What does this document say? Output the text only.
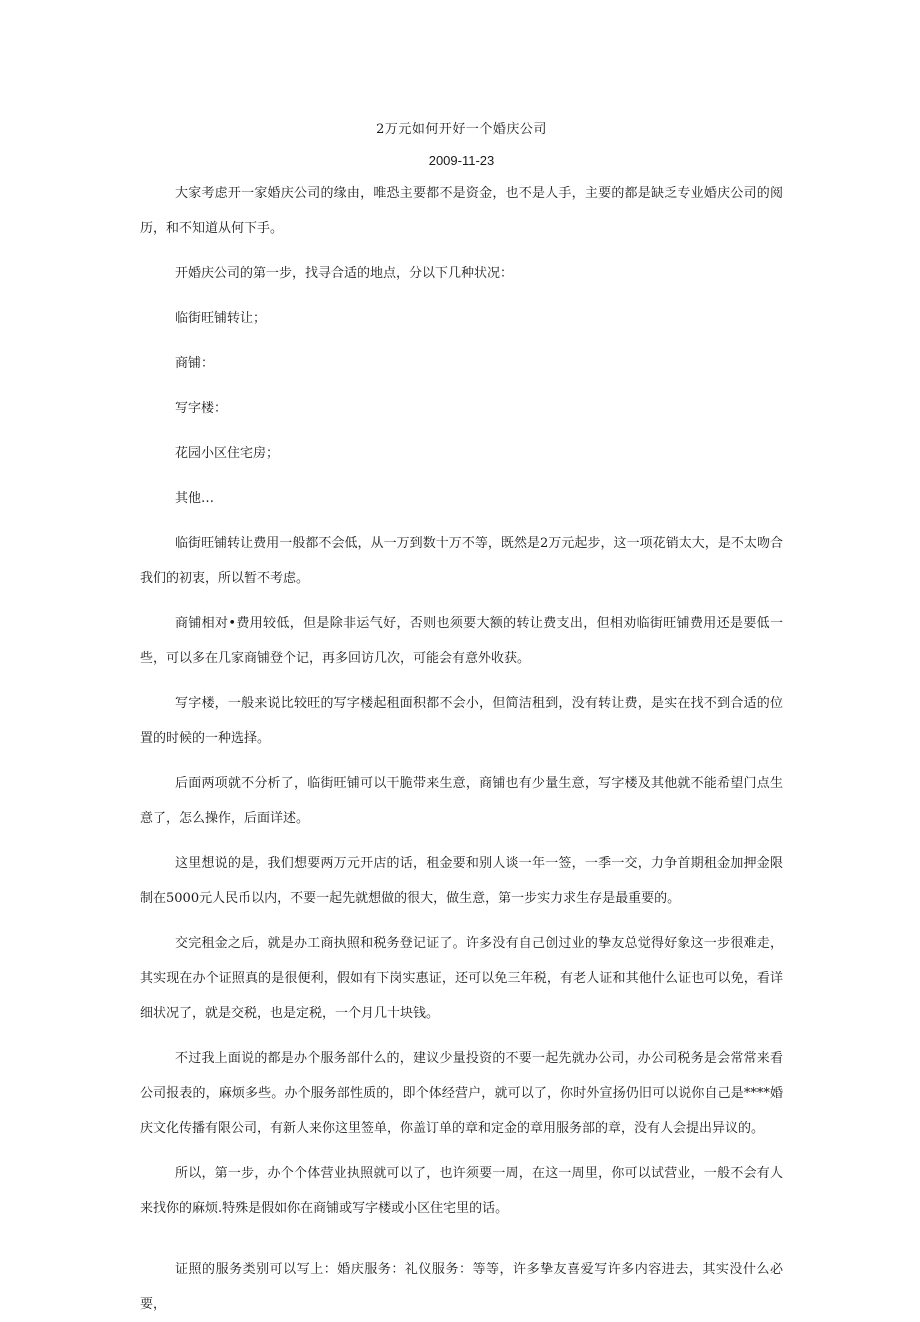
2万元如何开好一个婚庆公司
2009-11-23

大家考虑开一家婚庆公司的缘由，唯恐主要都不是资金，也不是人手，主要的都是缺乏专业婚庆公司的阅历，和不知道从何下手。

开婚庆公司的第一步，找寻合适的地点，分以下几种状况：

临街旺铺转让；

商铺：

写字楼：

花园小区住宅房；

其他…

临街旺铺转让费用一般都不会低，从一万到数十万不等，既然是2万元起步，这一项花销太大，是不太吻合我们的初衷，所以暂不考虑。

商铺相对•费用较低，但是除非运气好，否则也须要大额的转让费支出，但相劝临街旺铺费用还是要低一些，可以多在几家商铺登个记，再多回访几次，可能会有意外收获。

写字楼，一般来说比较旺的写字楼起租面积都不会小，但简洁租到，没有转让费，是实在找不到合适的位置的时候的一种选择。

后面两项就不分析了，临街旺铺可以干脆带来生意，商铺也有少量生意，写字楼及其他就不能希望门点生意了，怎么操作，后面详述。

这里想说的是，我们想要两万元开店的话，租金要和别人谈一年一签，一季一交，力争首期租金加押金限制在5000元人民币以内，不要一起先就想做的很大，做生意，第一步实力求生存是最重要的。

交完租金之后，就是办工商执照和税务登记证了。许多没有自己创过业的挚友总觉得好象这一步很难走，其实现在办个证照真的是很便利，假如有下岗实惠证，还可以免三年税，有老人证和其他什么证也可以免，看详细状况了，就是交税，也是定税，一个月几十块钱。

不过我上面说的都是办个服务部什么的，建议少量投资的不要一起先就办公司，办公司税务是会常常来看公司报表的，麻烦多些。办个服务部性质的，即个体经营户，就可以了，你时外宣扬仍旧可以说你自己是****婚庆文化传播有限公司，有新人来你这里签单，你盖订单的章和定金的章用服务部的章，没有人会提出异议的。

所以，第一步，办个个体营业执照就可以了，也许须要一周，在这一周里，你可以试营业，一般不会有人来找你的麻烦.特殊是假如你在商铺或写字楼或小区住宅里的话。

证照的服务类别可以写上：婚庆服务：礼仪服务：等等，许多挚友喜爱写许多内容进去，其实没什么必要，
